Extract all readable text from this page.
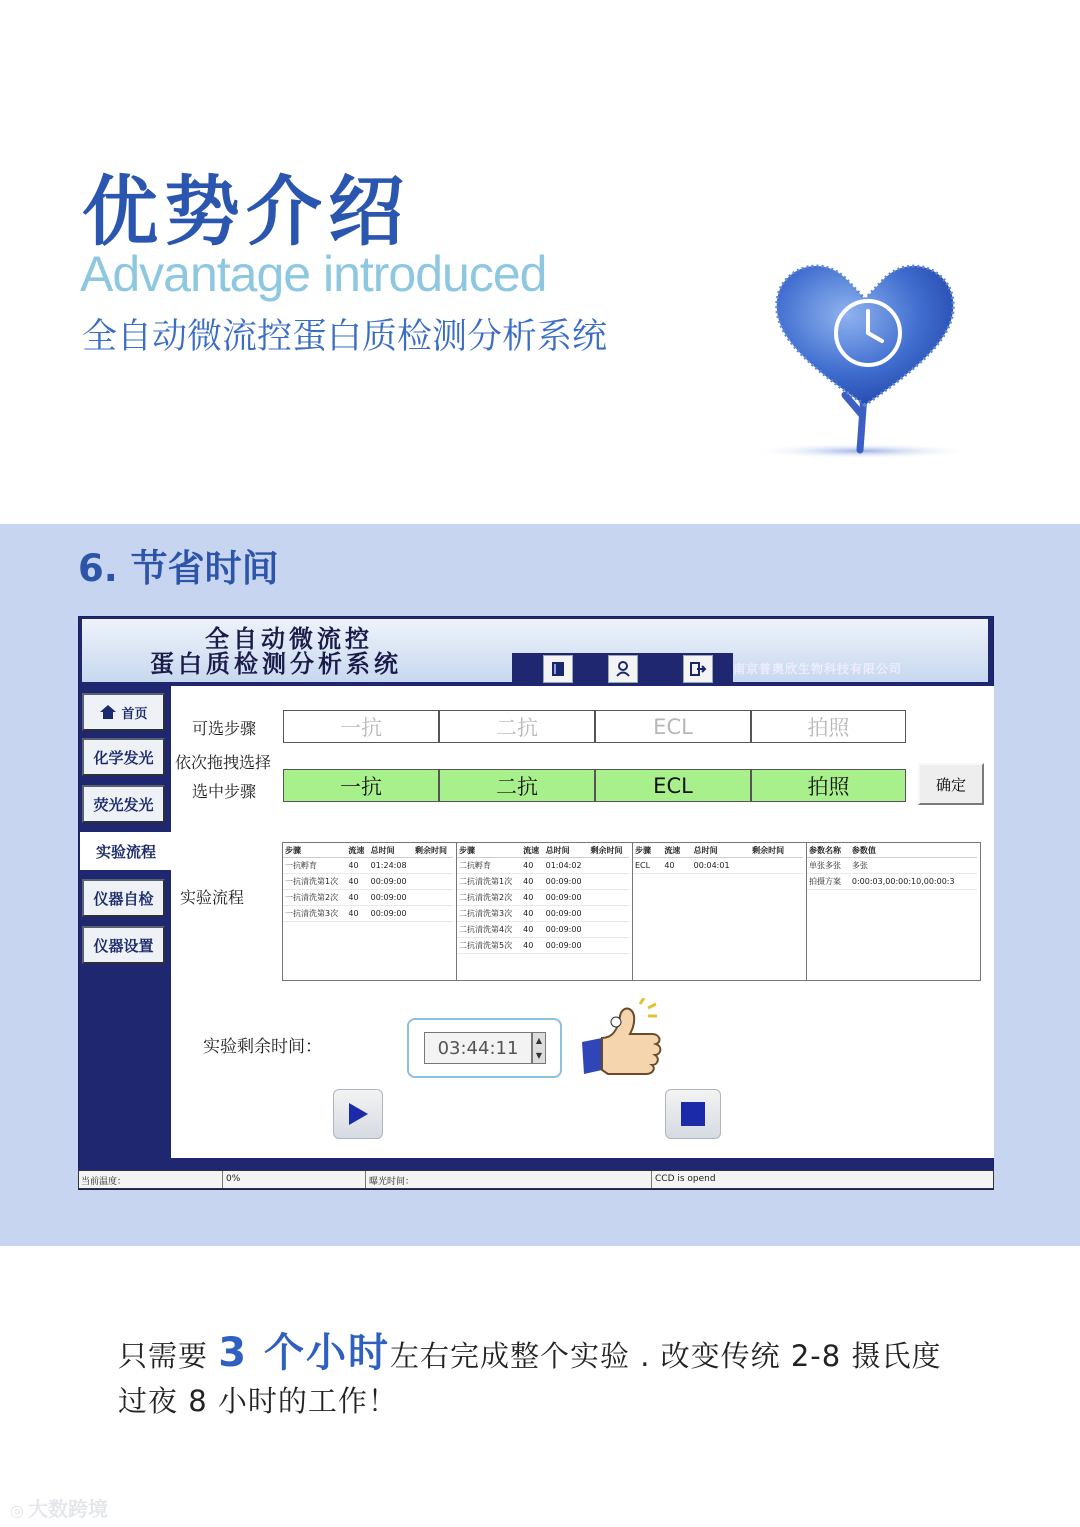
优势介绍
Advantage introduced
全自动微流控蛋白质检测分析系统
6. 节省时间
全自动微流控
蛋白质检测分析系统	南京普奥欣生物科技有限公司
首页
化学发光
荧光发光
实验流程
仪器自检
仪器设置
可选步骤
依次拖拽选择
选中步骤
一抗	二抗	ECL	拍照
一抗	二抗	ECL	拍照	确定
实验流程
步骤	流速	总时间	剩余时间
一抗孵育	40	01:24:08	
一抗清洗第1次	40	00:09:00	
一抗清洗第2次	40	00:09:00	
一抗清洗第3次	40	00:09:00	
步骤	流速	总时间	剩余时间
二抗孵育	40	01:04:02	
二抗清洗第1次	40	00:09:00	
二抗清洗第2次	40	00:09:00	
二抗清洗第3次	40	00:09:00	
二抗清洗第4次	40	00:09:00	
二抗清洗第5次	40	00:09:00	
步骤	流速	总时间	剩余时间
ECL	40	00:04:01	
参数名称	参数值
单张多张	多张
拍摄方案	0:00:03,00:00:10,00:00:3
实验剩余时间：	03:44:11	▲
▼
当前温度：	0%	曝光时间：	CCD is opend
只需要 3 个小时左右完成整个实验 . 改变传统 2-8 摄氏度
过夜 8 小时的工作！
◎ 大数跨境
